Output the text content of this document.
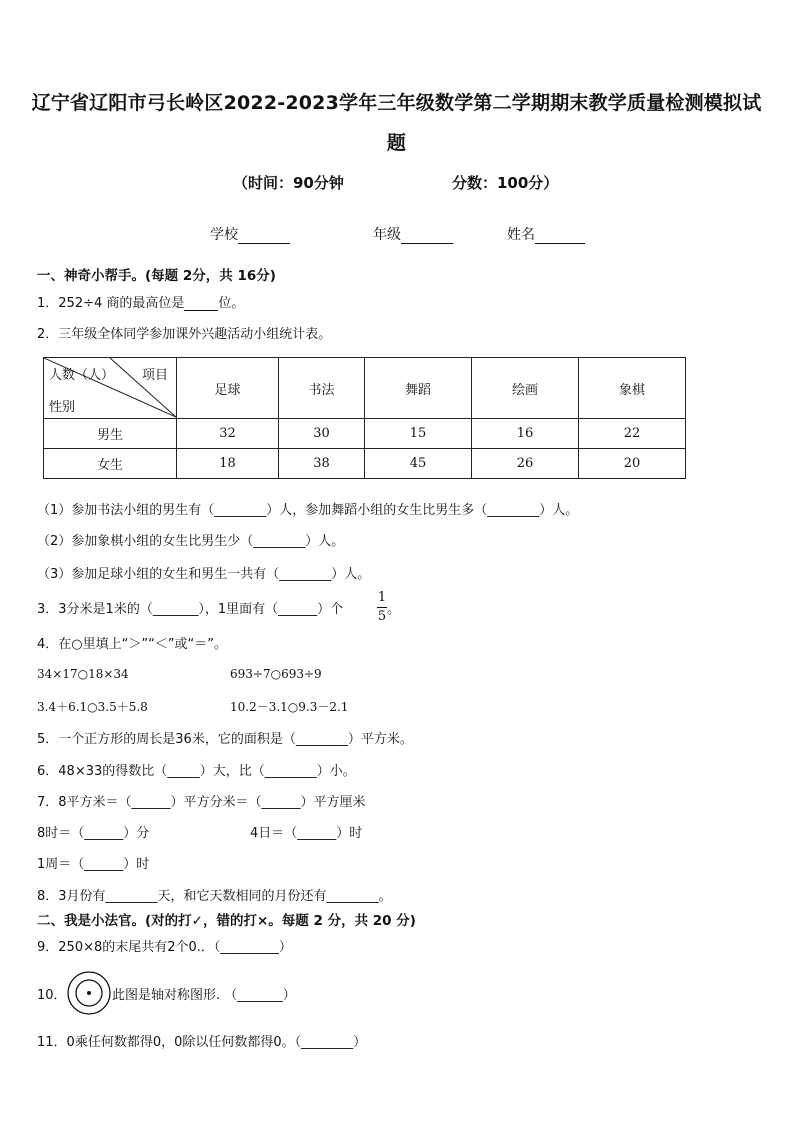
辽宁省辽阳市弓长岭区2022-2023学年三年级数学第二学期期末教学质量检测模拟试
题
（时间：90分钟	分数：100分）
学校	年级	姓名
一、神奇小帮手。(每题 2分，共 16分)
1．252÷4 商的最高位是	位。
2．三年级全体同学参加课外兴趣活动小组统计表。
人数（人） 项目
性别	足球	书法	舞蹈	绘画	象棋
男生	32	30	15	16	22
女生	18	38	45	26	20
（1）参加书法小组的男生有（________）人，参加舞蹈小组的女生比男生多（________）人。
（2）参加象棋小组的女生比男生少（________）人。
（3）参加足球小组的女生和男生一共有（________）人。
3．3分米是1米的（_______），1里面有（______）个
1
5 。
4．在○里填上“＞”“＜”或“＝”。
34×17○18×34	693÷7○693÷9
3.4＋6.1○3.5＋5.8	10.2－3.1○9.3－2.1
5．一个正方形的周长是36米，它的面积是（________）平方米。
6．48×33的得数比（_____）大，比（________）小。
7．8平方米＝（______）平方分米＝（______）平方厘米
8时＝（______）分	4日＝（______）时
1周＝（______）时
8．3月份有________天，和它天数相同的月份还有________。
二、我是小法官。(对的打✓，错的打×。每题 2 分，共 20 分)
9．250×8的末尾共有2个0.．（_________）
10．	此图是轴对称图形. （_______）
11．0乘任何数都得0，0除以任何数都得0。（________）
